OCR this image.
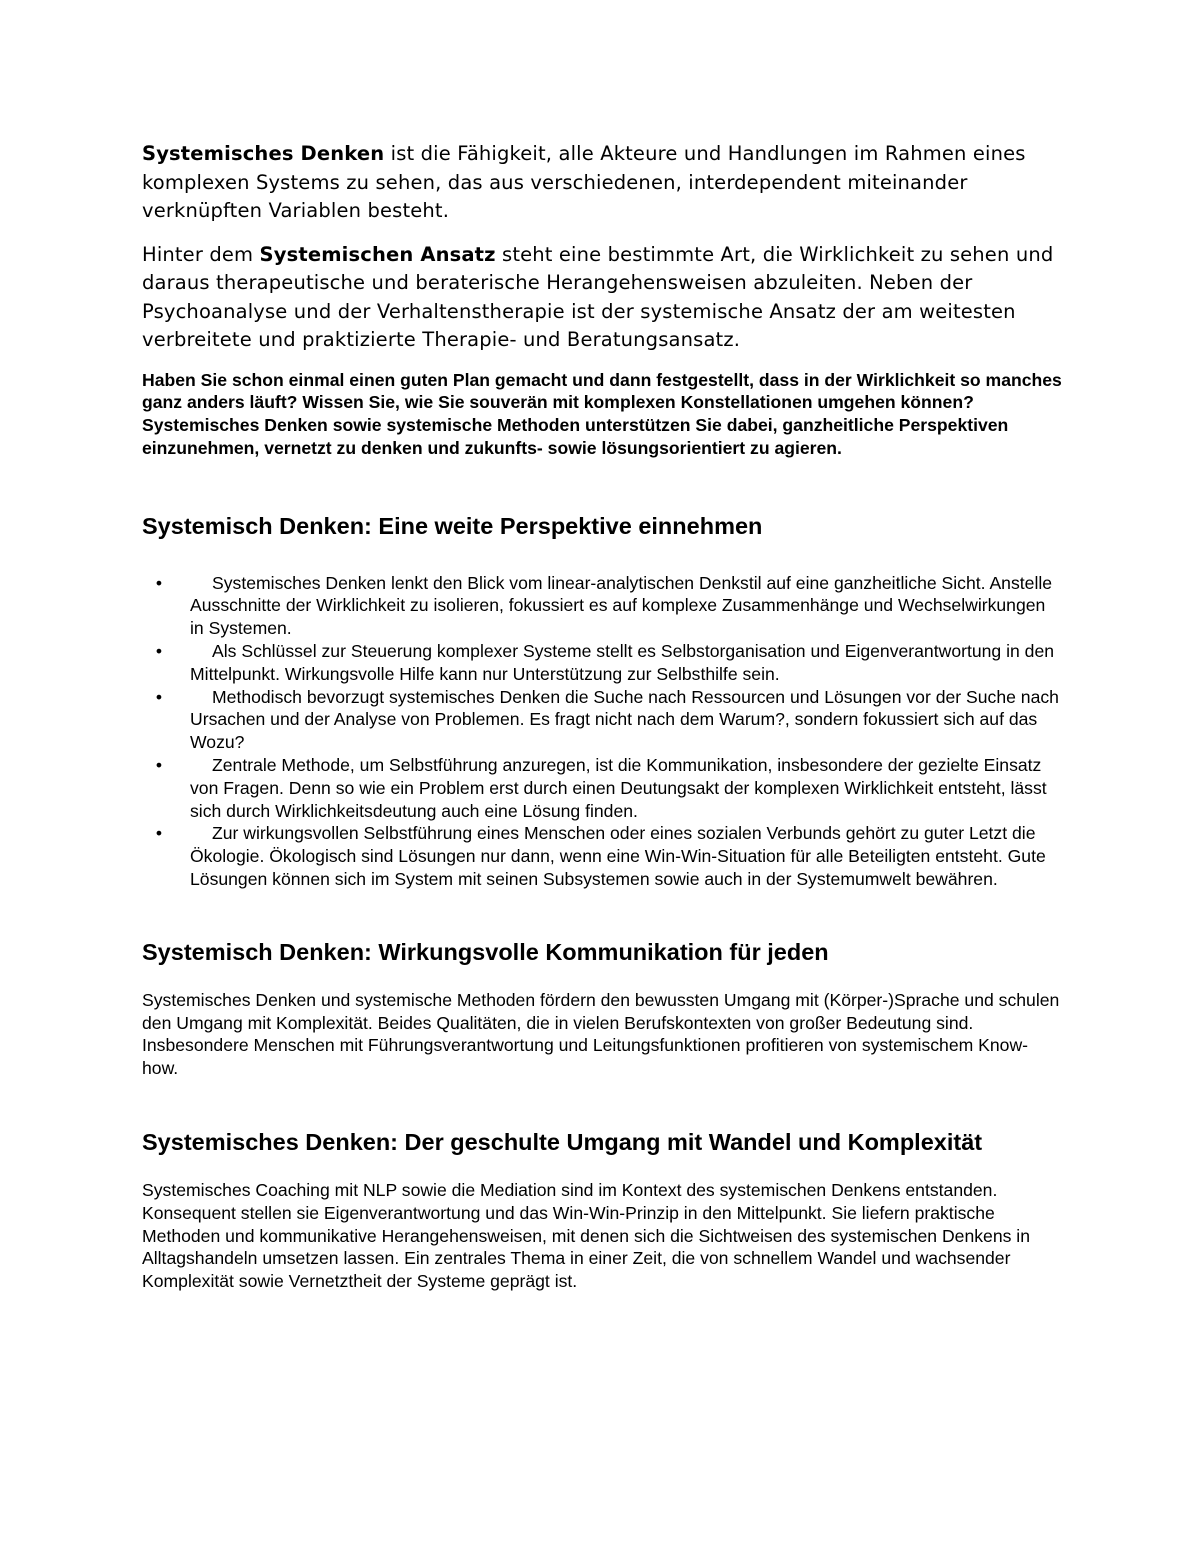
Systemisches Denken ist die Fähigkeit, alle Akteure und Handlungen im Rahmen eines komplexen Systems zu sehen, das aus verschiedenen, interdependent miteinander verknüpften Variablen besteht.

Hinter dem Systemischen Ansatz steht eine bestimmte Art, die Wirklichkeit zu sehen und daraus therapeutische und beraterische Herangehensweisen abzuleiten. Neben der Psychoanalyse und der Verhaltenstherapie ist der systemische Ansatz der am weitesten verbreitete und praktizierte Therapie- und Beratungsansatz.

Haben Sie schon einmal einen guten Plan gemacht und dann festgestellt, dass in der Wirklichkeit so manches ganz anders läuft? Wissen Sie, wie Sie souverän mit komplexen Konstellationen umgehen können? Systemisches Denken sowie systemische Methoden unterstützen Sie dabei, ganzheitliche Perspektiven einzunehmen, vernetzt zu denken und zukunfts- sowie lösungsorientiert zu agieren.

Systemisch Denken: Eine weite Perspektive einnehmen
•	Systemisches Denken lenkt den Blick vom linear-analytischen Denkstil auf eine ganzheitliche Sicht. Anstelle Ausschnitte der Wirklichkeit zu isolieren, fokussiert es auf komplexe Zusammenhänge und Wechselwirkungen in Systemen.
•	Als Schlüssel zur Steuerung komplexer Systeme stellt es Selbstorganisation und Eigenverantwortung in den Mittelpunkt. Wirkungsvolle Hilfe kann nur Unterstützung zur Selbsthilfe sein.
•	Methodisch bevorzugt systemisches Denken die Suche nach Ressourcen und Lösungen vor der Suche nach Ursachen und der Analyse von Problemen. Es fragt nicht nach dem Warum?, sondern fokussiert sich auf das Wozu?
•	Zentrale Methode, um Selbstführung anzuregen, ist die Kommunikation, insbesondere der gezielte Einsatz von Fragen. Denn so wie ein Problem erst durch einen Deutungsakt der komplexen Wirklichkeit entsteht, lässt sich durch Wirklichkeitsdeutung auch eine Lösung finden.
•	Zur wirkungsvollen Selbstführung eines Menschen oder eines sozialen Verbunds gehört zu guter Letzt die Ökologie. Ökologisch sind Lösungen nur dann, wenn eine Win-Win-Situation für alle Beteiligten entsteht. Gute Lösungen können sich im System mit seinen Subsystemen sowie auch in der Systemumwelt bewähren.
Systemisch Denken: Wirkungsvolle Kommunikation für jeden

Systemisches Denken und systemische Methoden fördern den bewussten Umgang mit (Körper-)Sprache und schulen den Umgang mit Komplexität. Beides Qualitäten, die in vielen Berufskontexten von großer Bedeutung sind. Insbesondere Menschen mit Führungsverantwortung und Leitungsfunktionen profitieren von systemischem Know-how.

Systemisches Denken: Der geschulte Umgang mit Wandel und Komplexität

Systemisches Coaching mit NLP sowie die Mediation sind im Kontext des systemischen Denkens entstanden. Konsequent stellen sie Eigenverantwortung und das Win-Win-Prinzip in den Mittelpunkt. Sie liefern praktische Methoden und kommunikative Herangehensweisen, mit denen sich die Sichtweisen des systemischen Denkens in Alltagshandeln umsetzen lassen. Ein zentrales Thema in einer Zeit, die von schnellem Wandel und wachsender Komplexität sowie Vernetztheit der Systeme geprägt ist.
